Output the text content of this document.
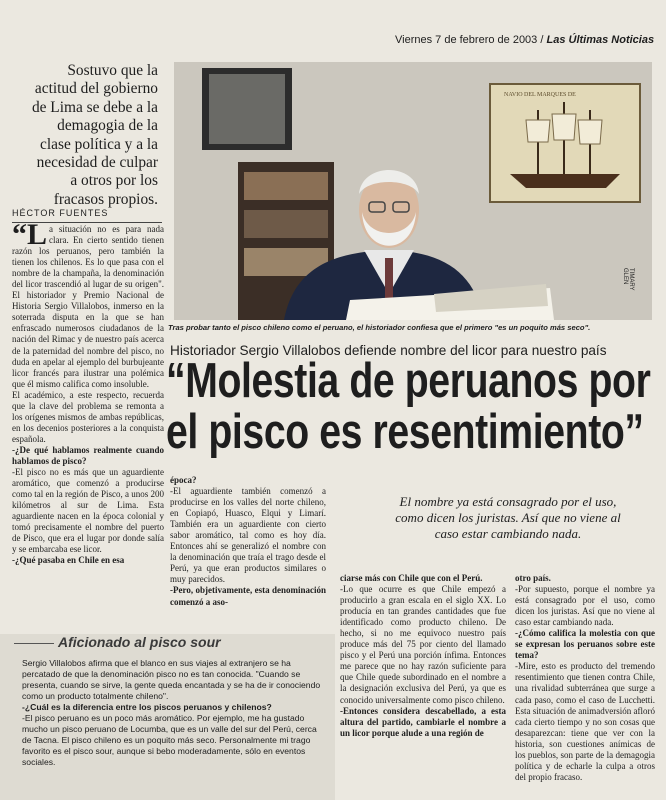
Viernes 7 de febrero de 2003 / Las Últimas Noticias
Sostuvo que la actitud del gobierno de Lima se debe a la demagogia de la clase política y a la necesidad de culpar a otros por los fracasos propios.
HÉCTOR FUENTES
NAVIO DEL MARQUES DE
TIMARY GLEN
Tras probar tanto el pisco chileno como el peruano, el historiador confiesa que el primero "es un poquito más seco".
Historiador Sergio Villalobos defiende nombre del licor para nuestro país
“Molestia de peruanos por
el pisco es resentimiento”

“L a situación no es para nada clara. En cierto sentido tienen razón los peruanos, pero también la tienen los chilenos. Es lo que pasa con el nombre de la champaña, la denominación del licor trascendió al lugar de su origen". El historiador y Premio Nacional de Historia Sergio Villalobos, inmerso en la soterrada disputa en la que se han enfrascado numerosos ciudadanos de la nación del Rimac y de nuestro país acerca de la paternidad del nombre del pisco, no duda en apelar al ejemplo del burbujeante licor francés para ilustrar una polémica que él mismo califica como insoluble.

El académico, a este respecto, recuerda que la clave del problema se remonta a los orígenes mismos de ambas repúblicas, en los decenios posteriores a la conquista española.

-¿De qué hablamos realmente cuando hablamos de pisco?

-El pisco no es más que un aguardiente aromático, que comenzó a producirse como tal en la región de Pisco, a unos 200 kilómetros al sur de Lima. Esta aguardiente nacen en la época colonial y tomó precisamente el nombre del puerto de Pisco, que era el lugar por donde salía y se embarcaba ese licor.

-¿Qué pasaba en Chile en esa

época?

-El aguardiente también comenzó a producirse en los valles del norte chileno, en Copiapó, Huasco, Elqui y Limarí. También era un aguardiente con cierto sabor aromático, tal como es hoy día. Entonces ahí se generalizó el nombre con la denominación que traía el trago desde el Perú, ya que eran productos similares o muy parecidos.

-Pero, objetivamente, esta denominación comenzó a aso-

El nombre ya está consagrado por el uso, como dicen los juristas. Así que no viene al caso estar cambiando nada.

ciarse más con Chile que con el Perú.

-Lo que ocurre es que Chile empezó a producirlo a gran escala en el siglo XX. Lo producía en tan grandes cantidades que fue identificado como producto chileno. De hecho, si no me equivoco nuestro país produce más del 75 por ciento del llamado pisco y el Perú una porción ínfima. Entonces me parece que no hay razón suficiente para que Chile quede subordinado en el nombre a la designación exclusiva del Perú, ya que es conocido universalmente como pisco chileno.

-Entonces considera descabellado, a esta altura del partido, cambiarle el nombre a un licor porque alude a una región de

otro país.

-Por supuesto, porque el nombre ya está consagrado por el uso, como dicen los juristas. Así que no viene al caso estar cambiando nada.

-¿Cómo califica la molestia con que se expresan los peruanos sobre este tema?

-Mire, esto es producto del tremendo resentimiento que tienen contra Chile, una rivalidad subterránea que surge a cada paso, como el caso de Lucchetti. Esta situación de animadversión afloró cada cierto tiempo y no son cosas que desaparezcan: tiene que ver con la historia, son cuestiones anímicas de los pueblos, son parte de la demagogia política y de echarle la culpa a otros del propio fracaso.

Aficionado al pisco sour

Sergio Villalobos afirma que el blanco en sus viajes al extranjero se ha percatado de que la denominación pisco no es tan conocida. "Cuando se presenta, cuando se sirve, la gente queda encantada y se ha de ir conociendo como un producto totalmente chileno".

-¿Cuál es la diferencia entre los piscos peruanos y chilenos?

-El pisco peruano es un poco más aromático. Por ejemplo, me ha gustado mucho un pisco peruano de Locumba, que es un valle del sur del Perú, cerca de Tacna. El pisco chileno es un poquito más seco. Personalmente mi trago favorito es el pisco sour, aunque si bebo moderadamente, sólo en eventos sociales.
